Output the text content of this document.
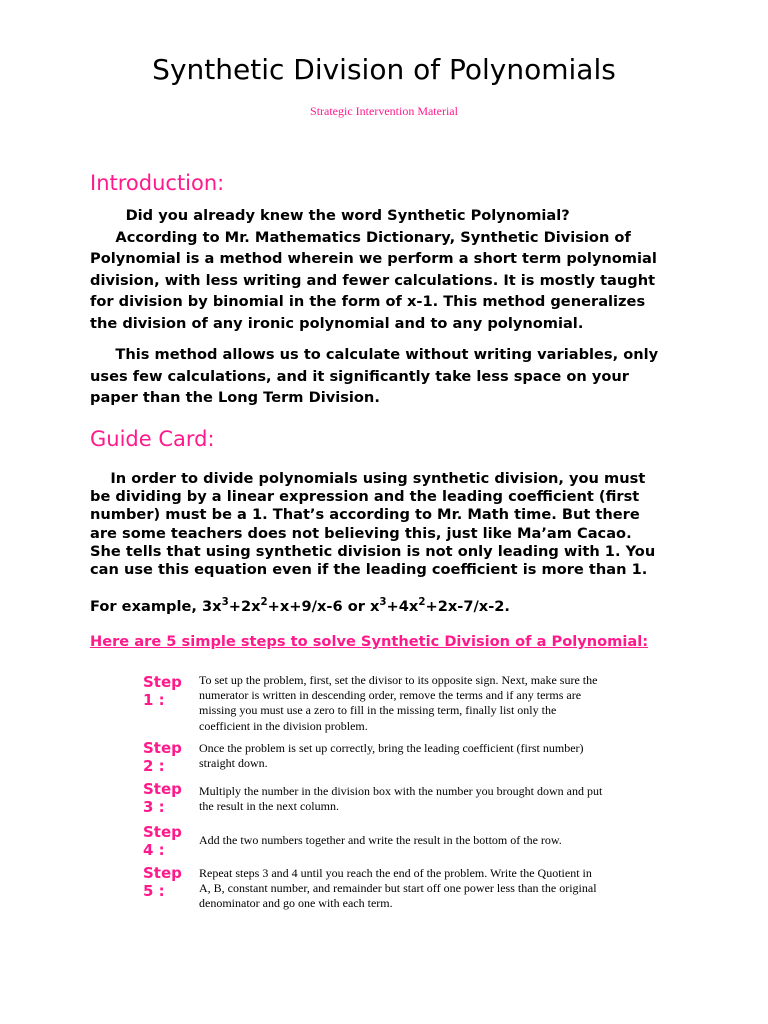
Synthetic Division of Polynomials
Strategic Intervention Material
Introduction:

Did you already knew the word Synthetic Polynomial?
According to Mr. Mathematics Dictionary, Synthetic Division of
Polynomial is a method wherein we perform a short term polynomial
division, with less writing and fewer calculations. It is mostly taught
for division by binomial in the form of x-1. This method generalizes
the division of any ironic polynomial and to any polynomial.

This method allows us to calculate without writing variables, only
uses few calculations, and it significantly take less space on your
paper than the Long Term Division.

Guide Card:

In order to divide polynomials using synthetic division, you must
be dividing by a linear expression and the leading coefficient (first
number) must be a 1. That’s according to Mr. Math time. But there
are some teachers does not believing this, just like Ma’am Cacao.
She tells that using synthetic division is not only leading with 1. You
can use this equation even if the leading coefficient is more than 1.

For example, $3x^3+2x^2+x+9/x-6$ or $x^3+4x^2+2x-7/x-2$.

Here are 5 simple steps to solve Synthetic Division of a Polynomial:
Step
1 :
To set up the problem, first, set the divisor to its opposite sign. Next, make sure the
numerator is written in descending order, remove the terms and if any terms are
missing you must use a zero to fill in the missing term, finally list only the
coefficient in the division problem.
Step
2 :
Once the problem is set up correctly, bring the leading coefficient (first number)
straight down.
Step
3 :
Multiply the number in the division box with the number you brought down and put
the result in the next column.
Step
4 :
Add the two numbers together and write the result in the bottom of the row.
Step
5 :
Repeat steps 3 and 4 until you reach the end of the problem. Write the Quotient in
A, B, constant number, and remainder but start off one power less than the original
denominator and go one with each term.
